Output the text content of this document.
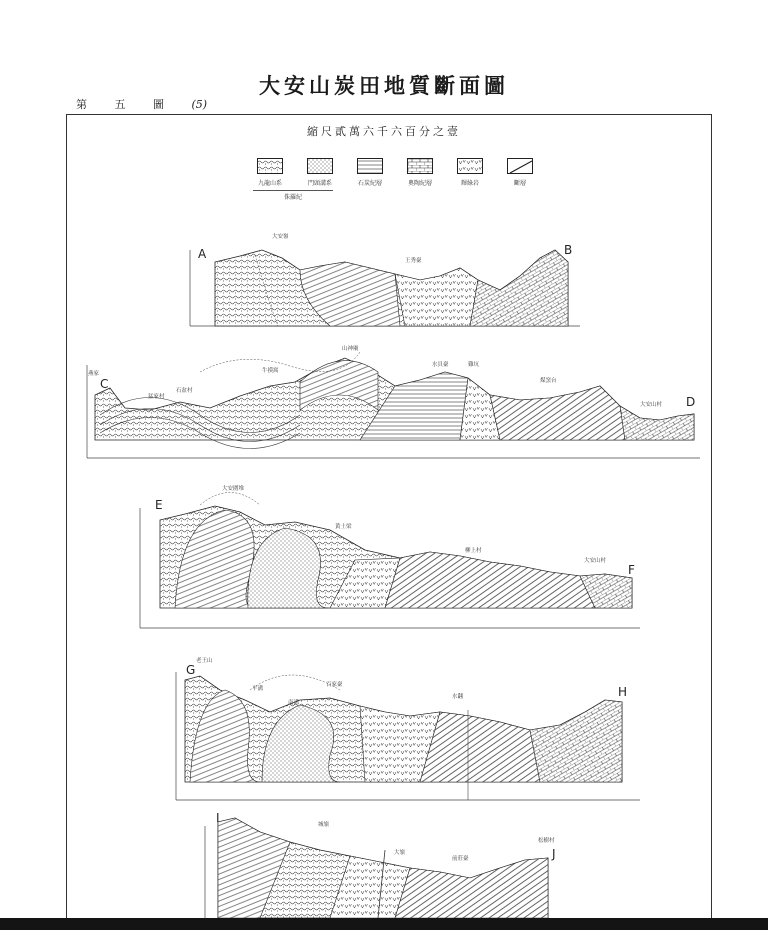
大安山炭田地質斷面圖
第	五	圖	(5)
縮尺貳萬六千六百分之壹
九龍山系	門頭溝系	石炭紀層	奧陶紀層	輝綠岩	斷層
侏羅紀
A	B
大安嶺
王秀臺
C
D
燕家
猛家村
石盆村
牛摸窩
山神廟
水貝臺	雞坑
煤窯台
大安山村
E
F
大安圍堆
黃土梁
柳上村
大安山村
G
H
老王山
平溝
南溝
百家臺
水翻
I
J
城嶺
大嶺
前莊臺
松樹村
